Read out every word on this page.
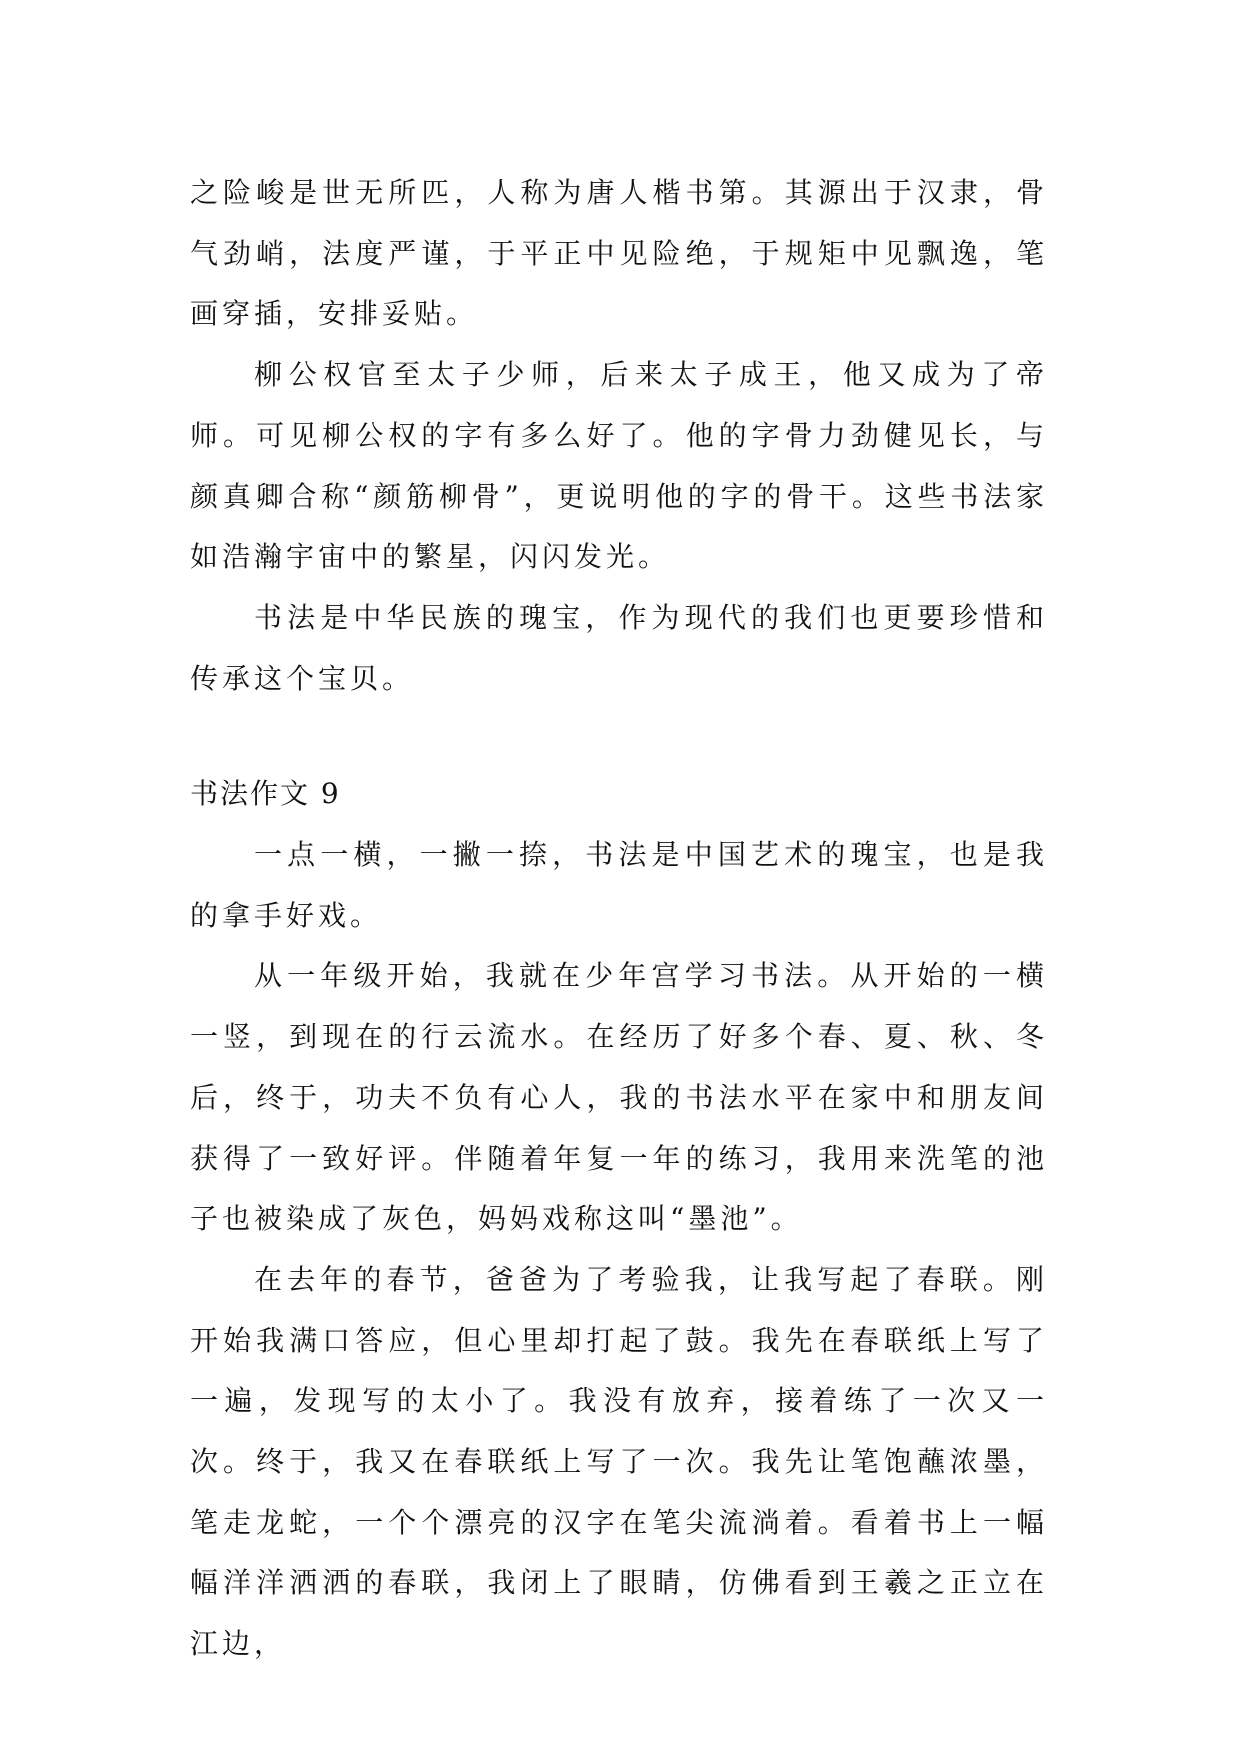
之险峻是世无所匹，人称为唐人楷书第。其源出于汉隶，骨气劲峭，法度严谨，于平正中见险绝，于规矩中见飘逸，笔画穿插，安排妥贴。

柳公权官至太子少师，后来太子成王，他又成为了帝师。可见柳公权的字有多么好了。他的字骨力劲健见长，与颜真卿合称“颜筋柳骨”，更说明他的字的骨干。这些书法家如浩瀚宇宙中的繁星，闪闪发光。

书法是中华民族的瑰宝，作为现代的我们也更要珍惜和传承这个宝贝。

书法作文 9

一点一横，一撇一捺，书法是中国艺术的瑰宝，也是我的拿手好戏。

从一年级开始，我就在少年宫学习书法。从开始的一横一竖，到现在的行云流水。在经历了好多个春、夏、秋、冬后，终于，功夫不负有心人，我的书法水平在家中和朋友间获得了一致好评。伴随着年复一年的练习，我用来洗笔的池子也被染成了灰色，妈妈戏称这叫“墨池”。

在去年的春节，爸爸为了考验我，让我写起了春联。刚开始我满口答应，但心里却打起了鼓。我先在春联纸上写了一遍，发现写的太小了。我没有放弃，接着练了一次又一次。终于，我又在春联纸上写了一次。我先让笔饱蘸浓墨，笔走龙蛇，一个个漂亮的汉字在笔尖流淌着。看着书上一幅幅洋洋洒洒的春联，我闭上了眼睛，仿佛看到王羲之正立在江边，
